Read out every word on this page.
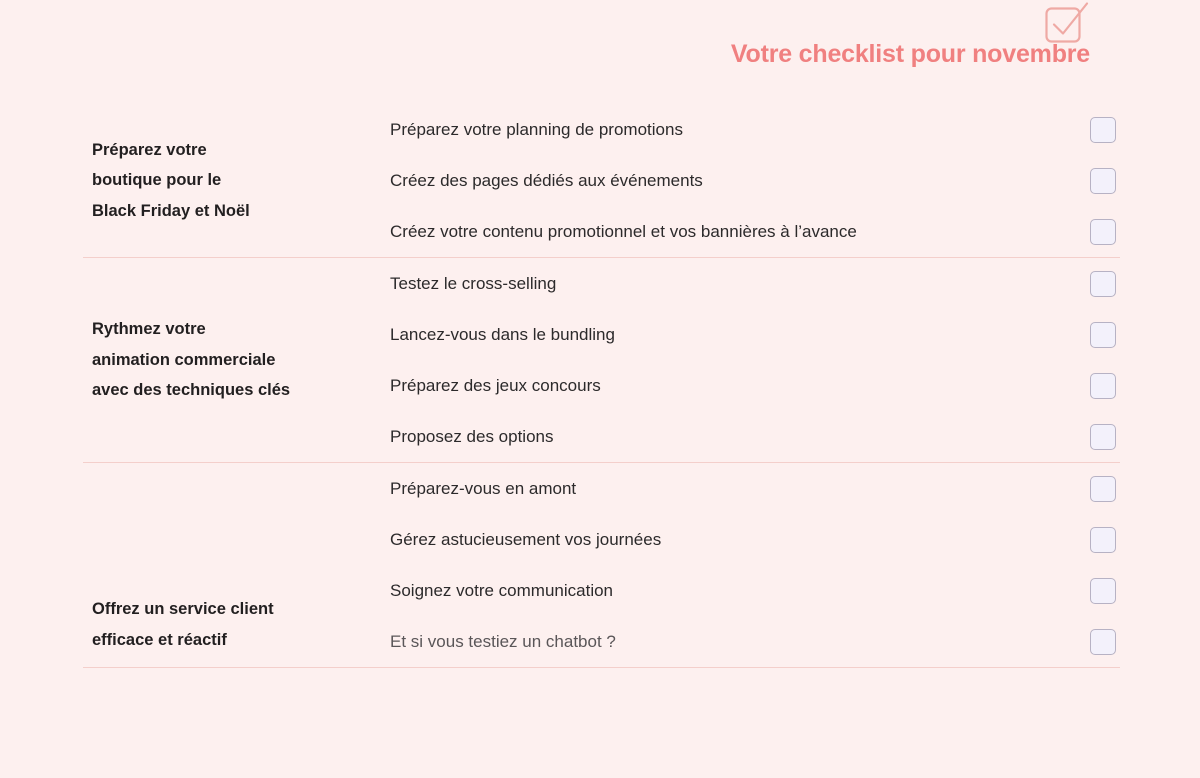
Votre checklist pour novembre
Préparez votre
boutique pour le
Black Friday et Noël
Préparez votre planning de promotions
Créez des pages dédiés aux événements
Créez votre contenu promotionnel et vos bannières à l’avance
Rythmez votre
animation commerciale
avec des techniques clés
Testez le cross-selling
Lancez-vous dans le bundling
Préparez des jeux concours
Proposez des options
Offrez un service client
efficace et réactif
Préparez-vous en amont
Gérez astucieusement vos journées
Soignez votre communication
Et si vous testiez un chatbot ?
